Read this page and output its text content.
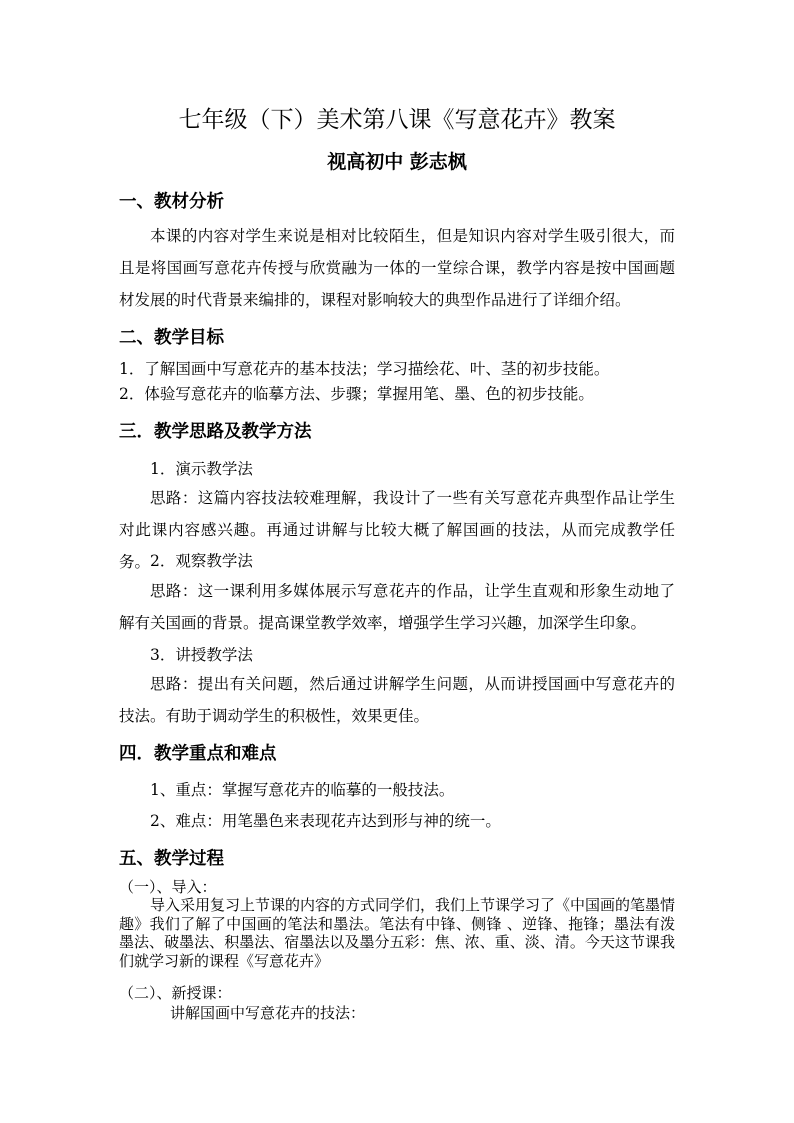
七年级（下）美术第八课《写意花卉》教案
视高初中 彭志枫
一、教材分析
本课的内容对学生来说是相对比较陌生，但是知识内容对学生吸引很大，而且是将国画写意花卉传授与欣赏融为一体的一堂综合课，教学内容是按中国画题材发展的时代背景来编排的，课程对影响较大的典型作品进行了详细介绍。
二、教学目标
1．了解国画中写意花卉的基本技法；学习描绘花、叶、茎的初步技能。
2．体验写意花卉的临摹方法、步骤；掌握用笔、墨、色的初步技能。
三．教学思路及教学方法
1．演示教学法
思路：这篇内容技法较难理解，我设计了一些有关写意花卉典型作品让学生对此课内容感兴趣。再通过讲解与比较大概了解国画的技法，从而完成教学任务。 2．观察教学法
思路：这一课利用多媒体展示写意花卉的作品，让学生直观和形象生动地了解有关国画的背景。提高课堂教学效率，增强学生学习兴趣，加深学生印象。
3．讲授教学法
思路：提出有关问题，然后通过讲解学生问题，从而讲授国画中写意花卉的技法。有助于调动学生的积极性，效果更佳。
四．教学重点和难点
1、重点：掌握写意花卉的临摹的一般技法。
2、难点：用笔墨色来表现花卉达到形与神的统一。
五、教学过程
（一）、导入：
导入采用复习上节课的内容的方式同学们，我们上节课学习了《中国画的笔墨情趣》我们了解了中国画的笔法和墨法。笔法有中锋、侧锋 、逆锋、拖锋；墨法有泼墨法、破墨法、积墨法、宿墨法以及墨分五彩：焦、浓、重、淡、清。今天这节课我们就学习新的课程《写意花卉》
（二）、新授课：
讲解国画中写意花卉的技法：
